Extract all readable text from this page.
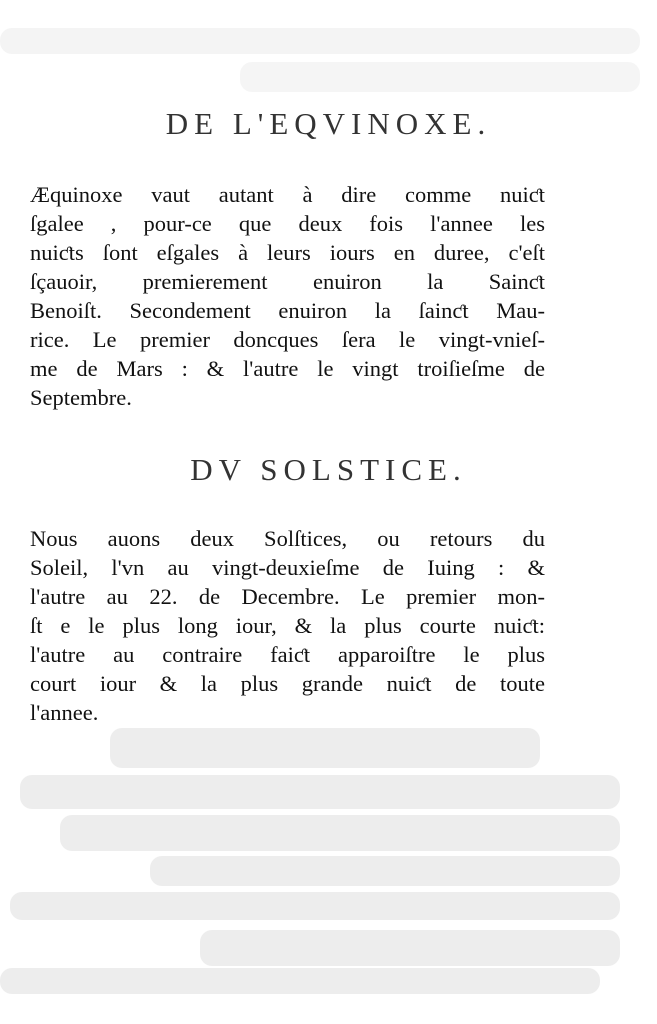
DE L'EQVINOXE.
Æquinoxe vaut autant à dire comme nuiƈt
ſgalee , pour-ce que deux fois l'annee les
nuiƈts ſont eſgales à leurs iours en duree, c'eſt
ſçauoir, premierement enuiron la Sainƈt
Benoiſt. Secondement enuiron la ſainƈt Mau-
rice. Le premier doncques ſera le vingt-vnieſ-
me de Mars : & l'autre le vingt troiſieſme de
Septembre.
DV SOLSTICE.
Nous auons deux Solſtices, ou retours du
Soleil, l'vn au vingt-deuxieſme de Iuing : &
l'autre au 22. de Decembre. Le premier mon-
ſt e le plus long iour, & la plus courte nuiƈt:
l'autre au contraire faiƈt apparoiſtre le plus
court iour & la plus grande nuiƈt de toute
l'annee.
